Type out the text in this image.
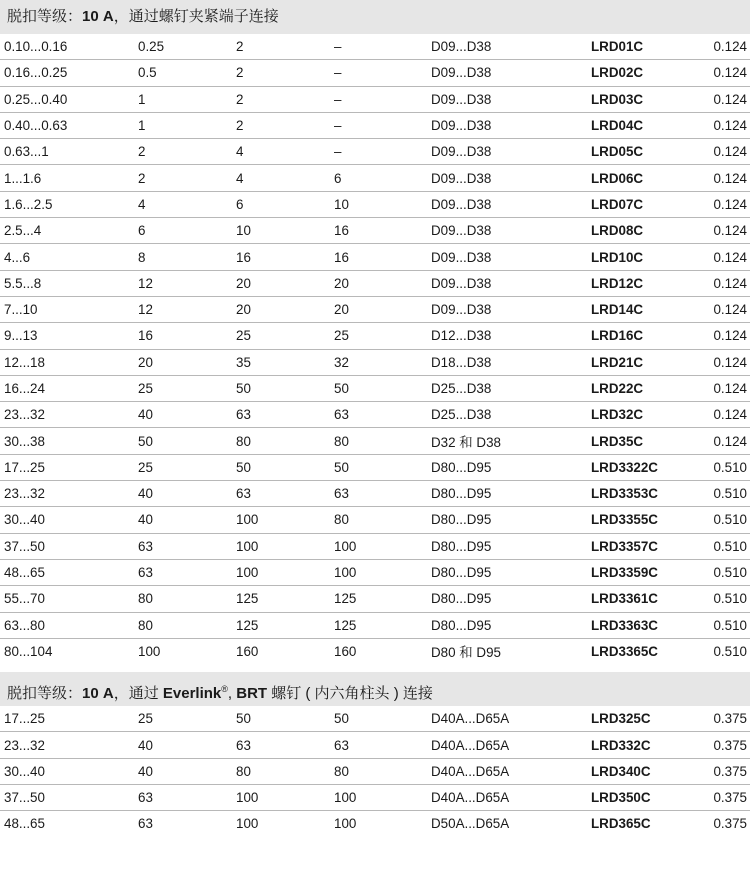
脱扣等级：10 A，通过螺钉夹紧端子连接
0.10...0.16	0.25	2	–	D09...D38	LRD01C	0.124
0.16...0.25	0.5	2	–	D09...D38	LRD02C	0.124
0.25...0.40	1	2	–	D09...D38	LRD03C	0.124
0.40...0.63	1	2	–	D09...D38	LRD04C	0.124
0.63...1	2	4	–	D09...D38	LRD05C	0.124
1...1.6	2	4	6	D09...D38	LRD06C	0.124
1.6...2.5	4	6	10	D09...D38	LRD07C	0.124
2.5...4	6	10	16	D09...D38	LRD08C	0.124
4...6	8	16	16	D09...D38	LRD10C	0.124
5.5...8	12	20	20	D09...D38	LRD12C	0.124
7...10	12	20	20	D09...D38	LRD14C	0.124
9...13	16	25	25	D12...D38	LRD16C	0.124
12...18	20	35	32	D18...D38	LRD21C	0.124
16...24	25	50	50	D25...D38	LRD22C	0.124
23...32	40	63	63	D25...D38	LRD32C	0.124
30...38	50	80	80	D32 和 D38	LRD35C	0.124
17...25	25	50	50	D80...D95	LRD3322C	0.510
23...32	40	63	63	D80...D95	LRD3353C	0.510
30...40	40	100	80	D80...D95	LRD3355C	0.510
37...50	63	100	100	D80...D95	LRD3357C	0.510
48...65	63	100	100	D80...D95	LRD3359C	0.510
55...70	80	125	125	D80...D95	LRD3361C	0.510
63...80	80	125	125	D80...D95	LRD3363C	0.510
80...104	100	160	160	D80 和 D95	LRD3365C	0.510
脱扣等级：10 A，通过 Everlink®, BRT 螺钉 ( 内六角柱头 ) 连接
17...25	25	50	50	D40A...D65A	LRD325C	0.375
23...32	40	63	63	D40A...D65A	LRD332C	0.375
30...40	40	80	80	D40A...D65A	LRD340C	0.375
37...50	63	100	100	D40A...D65A	LRD350C	0.375
48...65	63	100	100	D50A...D65A	LRD365C	0.375
